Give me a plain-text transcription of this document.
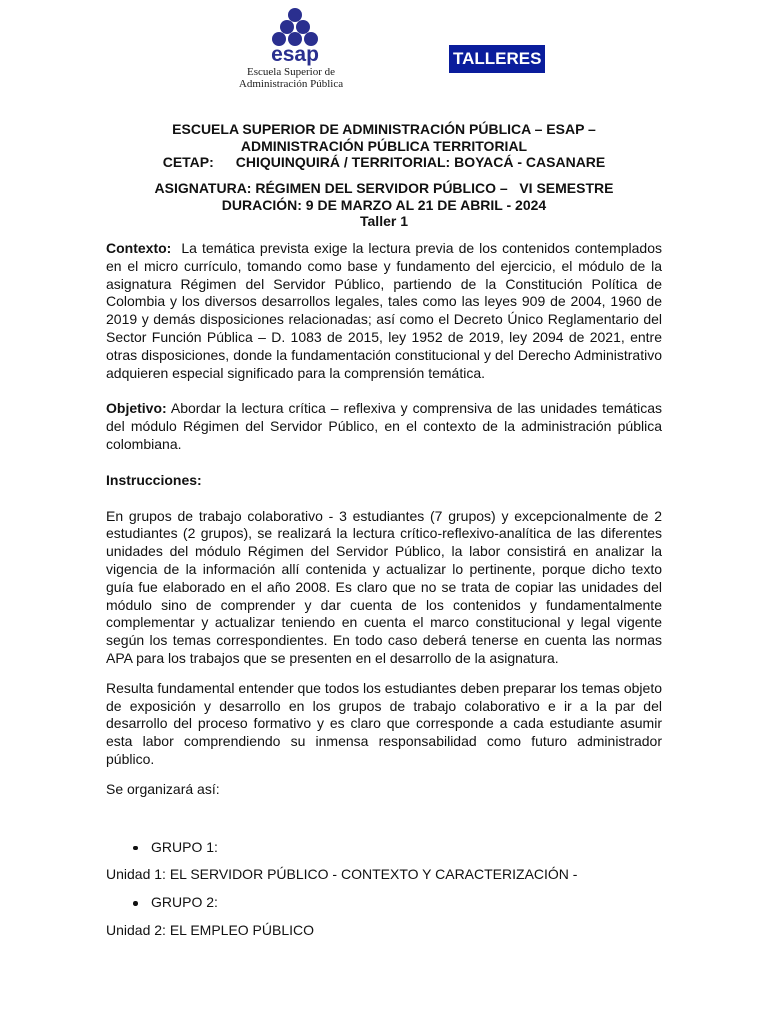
esap
Escuela Superior de
Administración Pública
TALLERES
ESCUELA SUPERIOR DE ADMINISTRACIÓN PÚBLICA – ESAP –
ADMINISTRACIÓN PÚBLICA TERRITORIAL
CETAP: CHIQUINQUIRÁ / TERRITORIAL: BOYACÁ - CASANARE
ASIGNATURA: RÉGIMEN DEL SERVIDOR PÚBLICO –   VI SEMESTRE
DURACIÓN: 9 DE MARZO AL 21 DE ABRIL - 2024
Taller 1

Contexto: La temática prevista exige la lectura previa de los contenidos contemplados en el micro currículo, tomando como base y fundamento del ejercicio, el módulo de la asignatura Régimen del Servidor Público, partiendo de la Constitución Política de Colombia y los diversos desarrollos legales, tales como las leyes 909 de 2004, 1960 de 2019 y demás disposiciones relacionadas; así como el Decreto Único Reglamentario del Sector Función Pública – D. 1083 de 2015, ley 1952 de 2019, ley 2094 de 2021, entre otras disposiciones, donde la fundamentación constitucional y del Derecho Administrativo adquieren especial significado para la comprensión temática.

Objetivo: Abordar la lectura crítica – reflexiva y comprensiva de las unidades temáticas del módulo Régimen del Servidor Público, en el contexto de la administración pública colombiana.

Instrucciones:

En grupos de trabajo colaborativo - 3 estudiantes (7 grupos) y excepcionalmente de 2 estudiantes (2 grupos), se realizará la lectura crítico-reflexivo-analítica de las diferentes unidades del módulo Régimen del Servidor Público, la labor consistirá en analizar la vigencia de la información allí contenida y actualizar lo pertinente, porque dicho texto guía fue elaborado en el año 2008. Es claro que no se trata de copiar las unidades del módulo sino de comprender y dar cuenta de los contenidos y fundamentalmente complementar y actualizar teniendo en cuenta el marco constitucional y legal vigente según los temas correspondientes. En todo caso deberá tenerse en cuenta las normas APA para los trabajos que se presenten en el desarrollo de la asignatura.

Resulta fundamental entender que todos los estudiantes deben preparar los temas objeto de exposición y desarrollo en los grupos de trabajo colaborativo e ir a la par del desarrollo del proceso formativo y es claro que corresponde a cada estudiante asumir esta labor comprendiendo su inmensa responsabilidad como futuro administrador público.

Se organizará así:

GRUPO 1:
Unidad 1: EL SERVIDOR PÚBLICO - CONTEXTO Y CARACTERIZACIÓN -
GRUPO 2:
Unidad 2: EL EMPLEO PÚBLICO
